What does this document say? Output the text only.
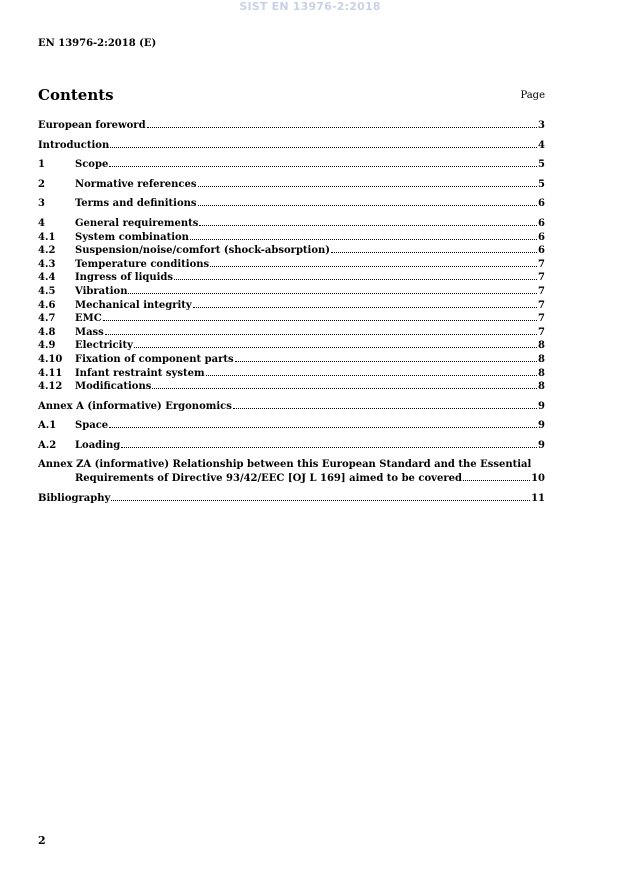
SIST EN 13976-2:2018
EN 13976-2:2018 (E)
Contents	Page
European foreword	3
Introduction	4
1	Scope	5
2	Normative references	5
3	Terms and definitions	6
4	General requirements	6
4.1	System combination	6
4.2	Suspension/noise/comfort (shock-absorption)	6
4.3	Temperature conditions	7
4.4	Ingress of liquids	7
4.5	Vibration	7
4.6	Mechanical integrity	7
4.7	EMC	7
4.8	Mass	7
4.9	Electricity	8
4.10	Fixation of component parts	8
4.11	Infant restraint system	8
4.12	Modifications	8
Annex A (informative) Ergonomics	9
A.1	Space	9
A.2	Loading	9
Annex ZA (informative) Relationship between this European Standard and the Essential
Requirements of Directive 93/42/EEC [OJ L 169] aimed to be covered	10
Bibliography	11
2
